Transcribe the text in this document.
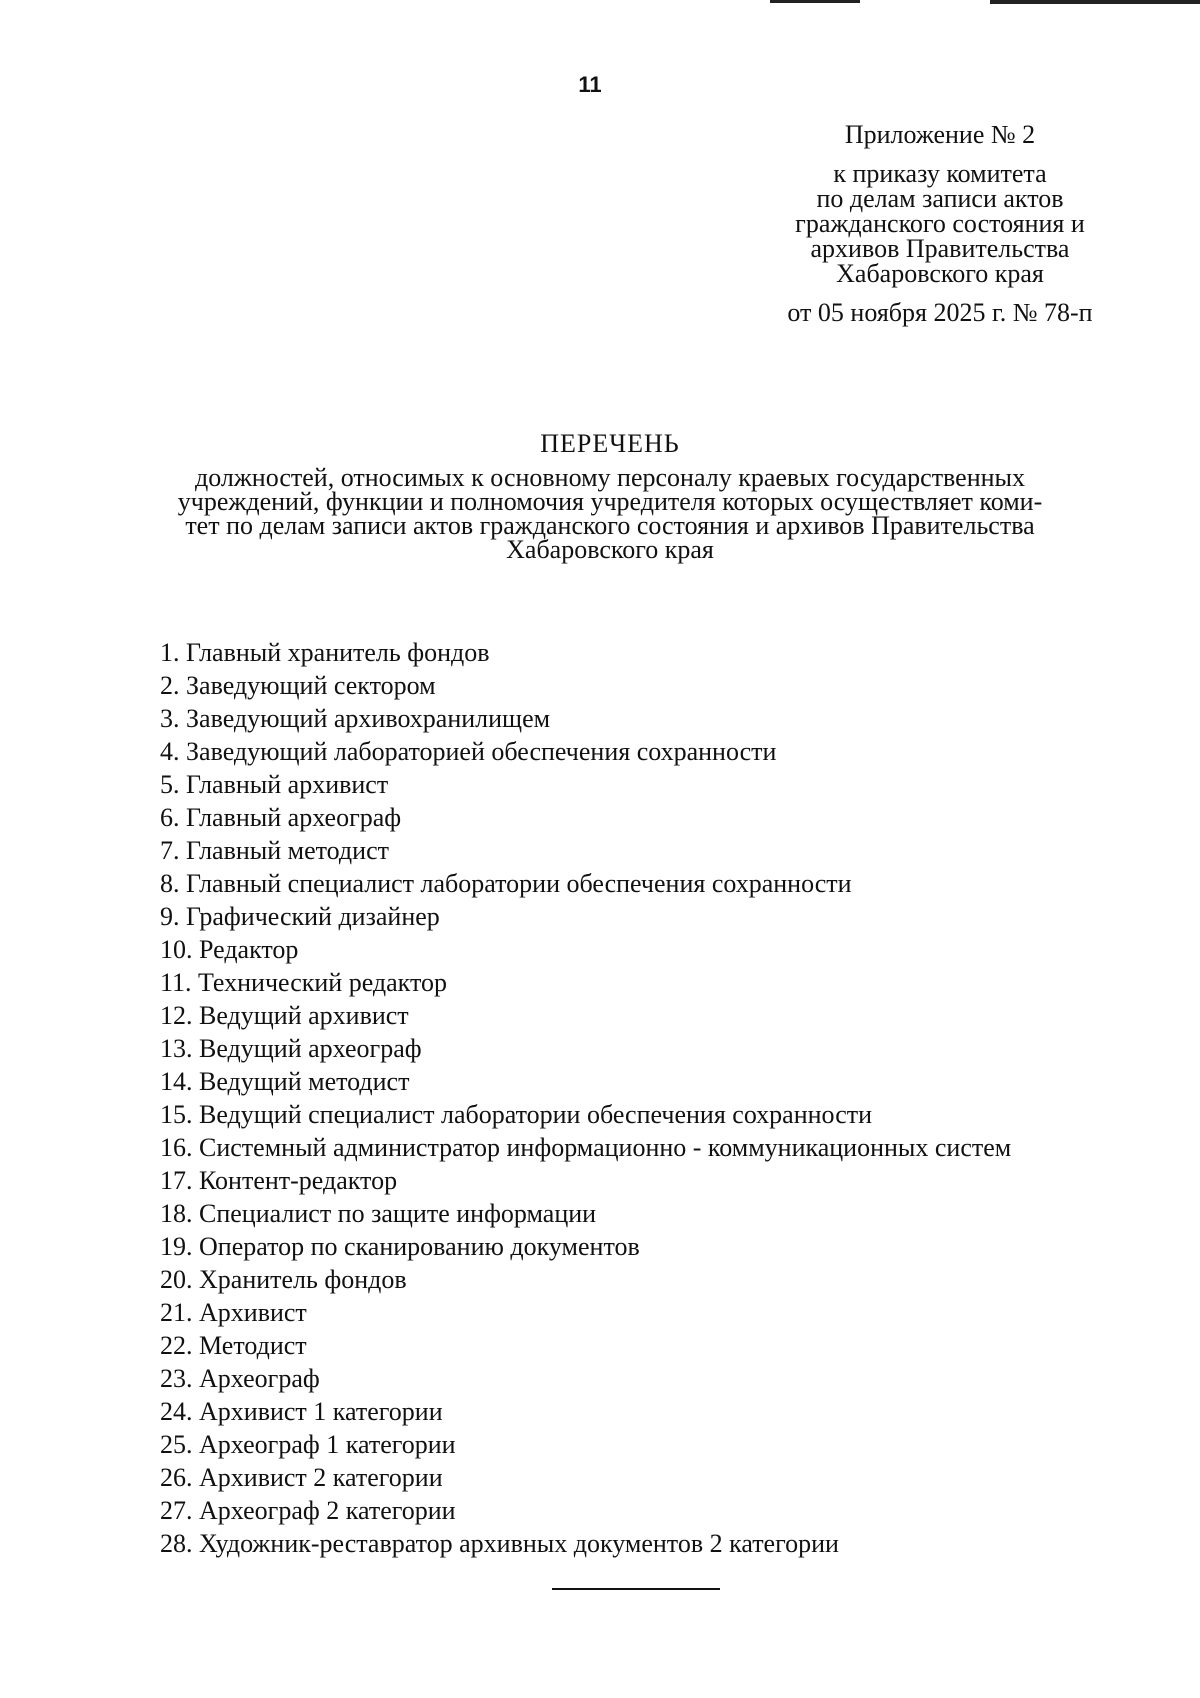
11
Приложение № 2
к приказу комитета
по делам записи актов
гражданского состояния и
архивов Правительства
Хабаровского края
от 05 ноября 2025 г. № 78-п
ПЕРЕЧЕНЬ
должностей, относимых к основному персоналу краевых государственных
учреждений, функции и полномочия учредителя которых осуществляет коми-
тет по делам записи актов гражданского состояния и архивов Правительства
Хабаровского края
1. Главный хранитель фондов
2. Заведующий сектором
3. Заведующий архивохранилищем
4. Заведующий лабораторией обеспечения сохранности
5. Главный архивист
6. Главный археограф
7. Главный методист
8. Главный специалист лаборатории обеспечения сохранности
9. Графический дизайнер
10. Редактор
11. Технический редактор
12. Ведущий архивист
13. Ведущий археограф
14. Ведущий методист
15. Ведущий специалист лаборатории обеспечения сохранности
16. Системный администратор информационно - коммуникационных систем
17. Контент-редактор
18. Специалист по защите информации
19. Оператор по сканированию документов
20. Хранитель фондов
21. Архивист
22. Методист
23. Археограф
24. Архивист 1 категории
25. Археограф 1 категории
26. Архивист 2 категории
27. Археограф 2 категории
28. Художник-реставратор архивных документов 2 категории
